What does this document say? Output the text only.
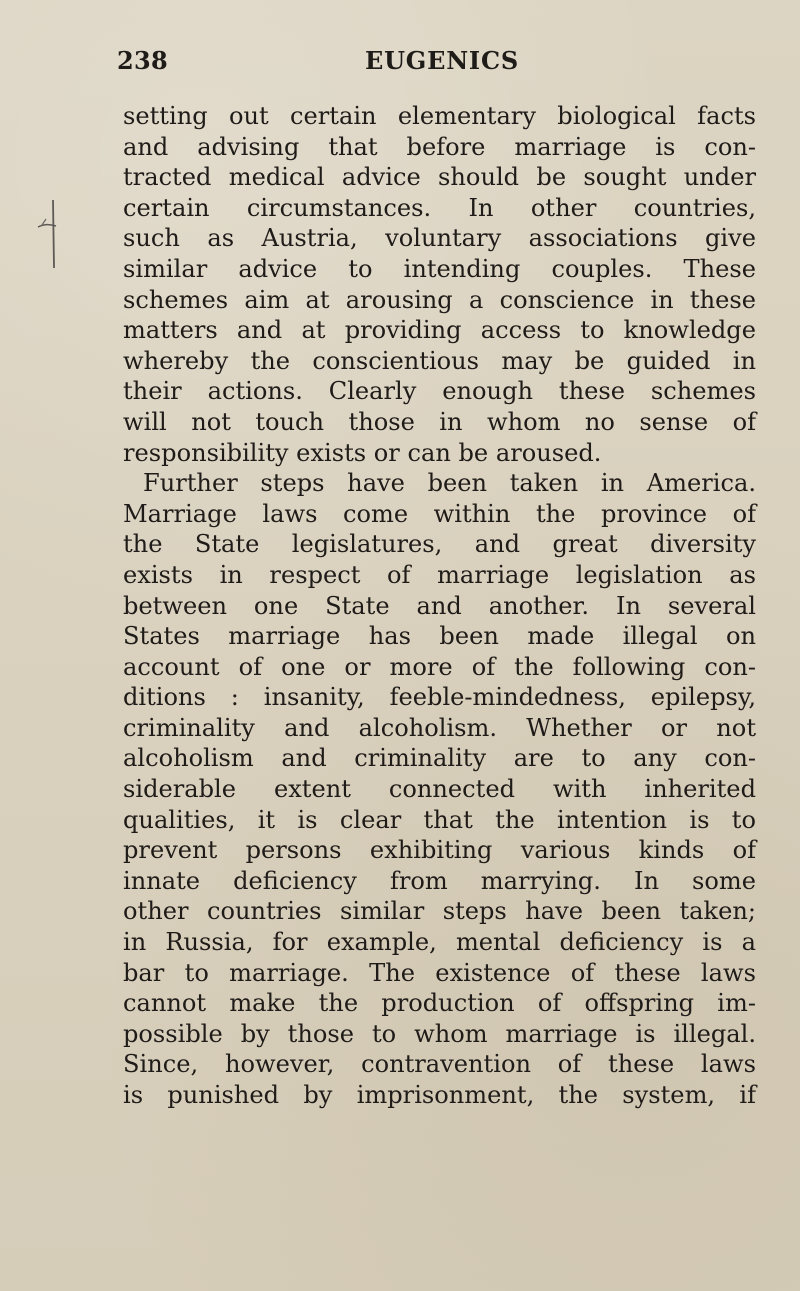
238	EUGENICS
setting out certain elementary biological facts
and advising that before marriage is con-
tracted medical advice should be sought under
certain circumstances. In other countries,
such as Austria, voluntary associations give
similar advice to intending couples. These
schemes aim at arousing a conscience in these
matters and at providing access to knowledge
whereby the conscientious may be guided in
their actions. Clearly enough these schemes
will not touch those in whom no sense of
responsibility exists or can be aroused.
Further steps have been taken in America.
Marriage laws come within the province of
the State legislatures, and great diversity
exists in respect of marriage legislation as
between one State and another. In several
States marriage has been made illegal on
account of one or more of the following con-
ditions : insanity, feeble-mindedness, epilepsy,
criminality and alcoholism. Whether or not
alcoholism and criminality are to any con-
siderable extent connected with inherited
qualities, it is clear that the intention is to
prevent persons exhibiting various kinds of
innate deficiency from marrying. In some
other countries similar steps have been taken;
in Russia, for example, mental deficiency is a
bar to marriage. The existence of these laws
cannot make the production of offspring im-
possible by those to whom marriage is illegal.
Since, however, contravention of these laws
is punished by imprisonment, the system, if
